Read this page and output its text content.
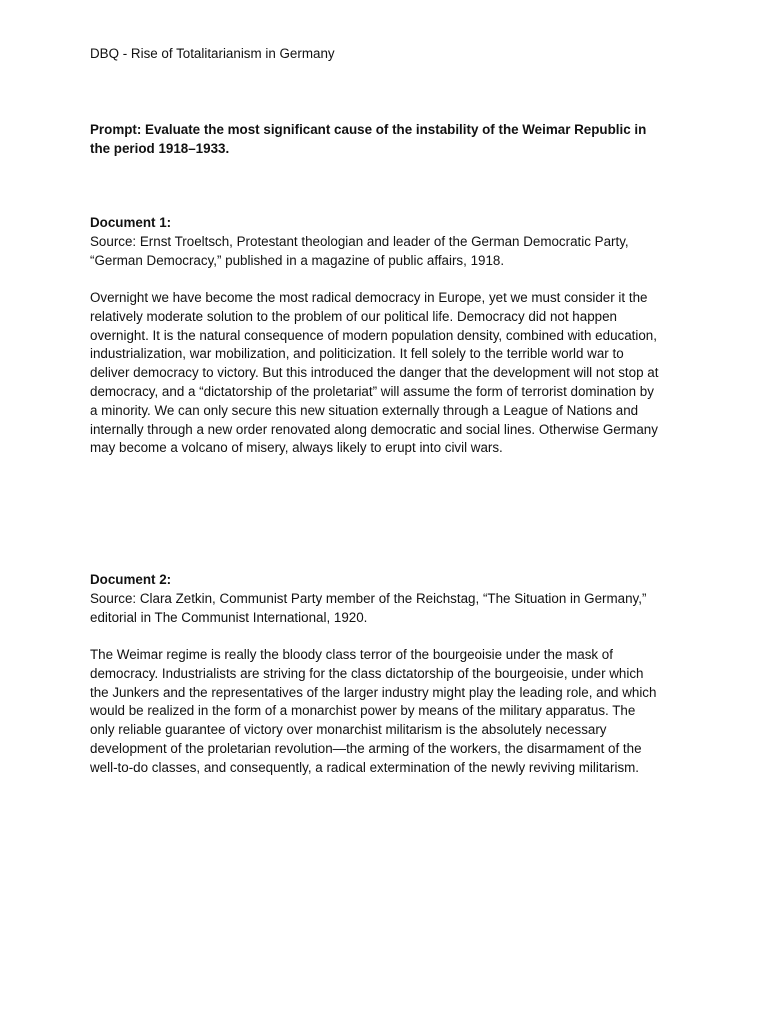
DBQ - Rise of Totalitarianism in Germany

Prompt: Evaluate the most significant cause of the instability of the Weimar Republic in
the period 1918–1933.

Document 1:
Source: Ernst Troeltsch, Protestant theologian and leader of the German Democratic Party,
“German Democracy,” published in a magazine of public affairs, 1918.

Overnight we have become the most radical democracy in Europe, yet we must consider it the
relatively moderate solution to the problem of our political life. Democracy did not happen
overnight. It is the natural consequence of modern population density, combined with education,
industrialization, war mobilization, and politicization. It fell solely to the terrible world war to
deliver democracy to victory. But this introduced the danger that the development will not stop at
democracy, and a “dictatorship of the proletariat” will assume the form of terrorist domination by
a minority. We can only secure this new situation externally through a League of Nations and
internally through a new order renovated along democratic and social lines. Otherwise Germany
may become a volcano of misery, always likely to erupt into civil wars.

Document 2:
Source: Clara Zetkin, Communist Party member of the Reichstag, “The Situation in Germany,”
editorial in The Communist International, 1920.

The Weimar regime is really the bloody class terror of the bourgeoisie under the mask of
democracy. Industrialists are striving for the class dictatorship of the bourgeoisie, under which
the Junkers and the representatives of the larger industry might play the leading role, and which
would be realized in the form of a monarchist power by means of the military apparatus. The
only reliable guarantee of victory over monarchist militarism is the absolutely necessary
development of the proletarian revolution—the arming of the workers, the disarmament of the
well-to-do classes, and consequently, a radical extermination of the newly reviving militarism.
